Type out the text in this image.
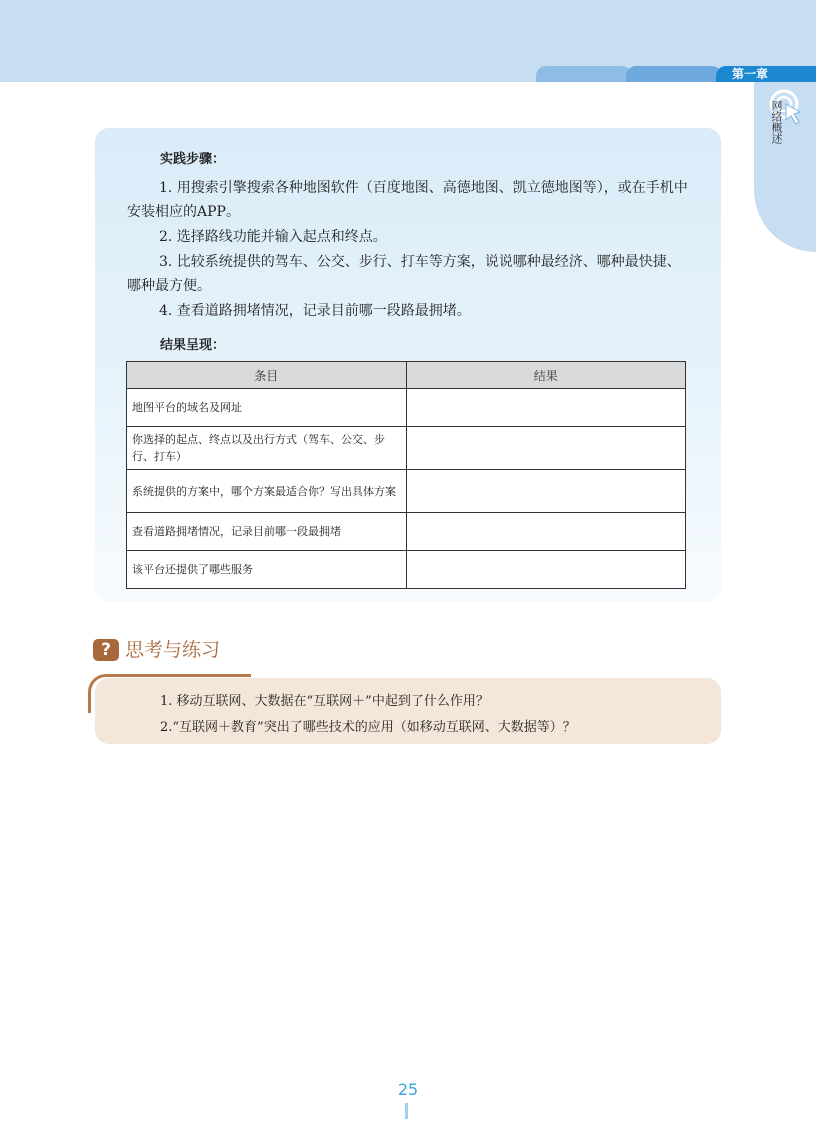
第一章
网络概述
实践步骤：
1. 用搜索引擎搜索各种地图软件（百度地图、高德地图、凯立德地图等），或在手机中安装相应的APP。
2. 选择路线功能并输入起点和终点。
3. 比较系统提供的驾车、公交、步行、打车等方案，说说哪种最经济、哪种最快捷、哪种最方便。
4. 查看道路拥堵情况，记录目前哪一段路最拥堵。
结果呈现：
条目	结果
地图平台的域名及网址	
你选择的起点、终点以及出行方式（驾车、公交、步行、打车）	
系统提供的方案中，哪个方案最适合你？写出具体方案	
查看道路拥堵情况，记录目前哪一段最拥堵	
该平台还提供了哪些服务	
? 思考与练习
1. 移动互联网、大数据在“互联网＋”中起到了什么作用？
2.“互联网＋教育”突出了哪些技术的应用（如移动互联网、大数据等）？
25
